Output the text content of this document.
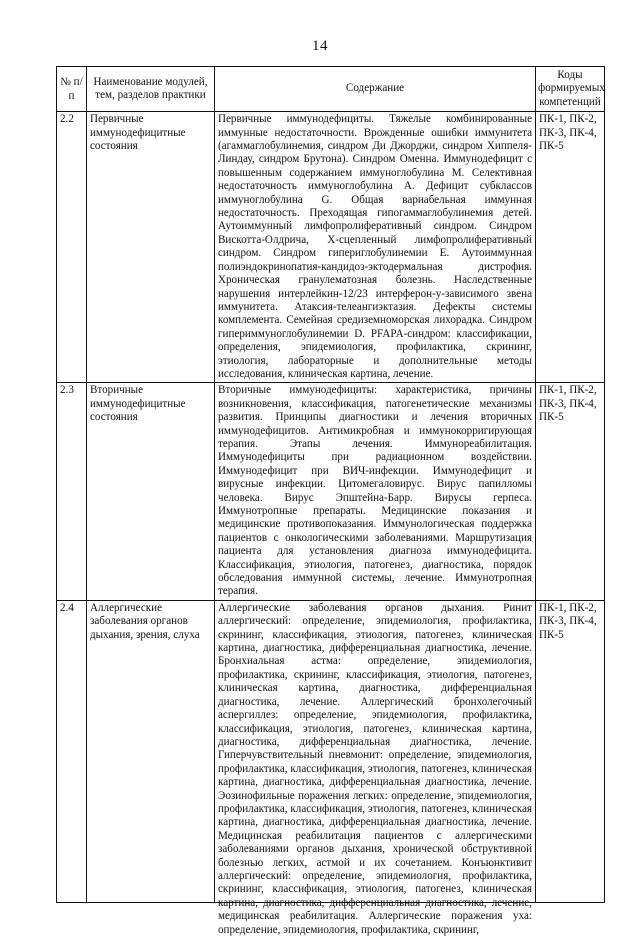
14
№ п/п	Наименование модулей, тем, разделов практики	Содержание	Коды формируемых компетенций
2.2	Первичные иммунодефицитные состояния	Первичные иммунодефициты. Тяжелые комбинированные иммунные недостаточности. Врожденные ошибки иммунитета (агаммаглобулинемия, синдром Ди Джорджи, синдром Хиппеля-Линдау, синдром Брутона). Синдром Оменна. Иммунодефицит с повышенным содержанием иммуноглобулина М. Селективная недостаточность иммуноглобулина А. Дефицит субклассов иммуноглобулина G. Общая вариабельная иммунная недостаточность. Преходящая гипогаммаглобулинемия детей. Аутоиммунный лимфопролиферативный синдром. Синдром Вискотта-Олдрича, Х-сцепленный лимфопролиферативный синдром. Синдром гипериглобулинемии Е. Аутоиммунная полиэндокринопатия-кандидоз-эктодермальная дистрофия. Хроническая гранулематозная болезнь. Наследственные нарушения интерлейкин-12/23 интерферон-у-зависимого звена иммунитета. Атаксия-телеангиэктазия. Дефекты системы комплемента. Семейная средиземноморская лихорадка. Синдром гипериммуноглобулинемии D. PFAPA-синдром: классификации, определения, эпидемиология, профилактика, скрининг, этиология, лабораторные и дополнительные методы исследования, клиническая картина, лечение.	ПК-1, ПК-2, ПК-3, ПК-4, ПК-5
2.3	Вторичные иммунодефицитные состояния	Вторичные иммунодефициты: характеристика, причины возникновения, классификация, патогенетические механизмы развития. Принципы диагностики и лечения вторичных иммунодефицитов. Антимикробная и иммунокорригирующая терапия. Этапы лечения. Иммунореабилитация. Иммунодефициты при радиационном воздействии. Иммунодефицит при ВИЧ-инфекции. Иммунодефицит и вирусные инфекции. Цитомегаловирус. Вирус папилломы человека. Вирус Эпштейна-Барр. Вирусы герпеса. Иммунотропные препараты. Медицинские показания и медицинские противопоказания. Иммунологическая поддержка пациентов с онкологическими заболеваниями. Маршрутизация пациента для установления диагноза иммунодефицита. Классификация, этиология, патогенез, диагностика, порядок обследования иммунной системы, лечение. Иммунотропная терапия.	ПК-1, ПК-2, ПК-3, ПК-4, ПК-5
2.4	Аллергические заболевания органов дыхания, зрения, слуха	Аллергические заболевания органов дыхания. Ринит аллергический: определение, эпидемиология, профилактика, скрининг, классификация, этиология, патогенез, клиническая картина, диагностика, дифференциальная диагностика, лечение. Бронхиальная астма: определение, эпидемиология, профилактика, скрининг, классификация, этиология, патогенез, клиническая картина, диагностика, дифференциальная диагностика, лечение. Аллергический бронхолегочный аспергиллез: определение, эпидемиология, профилактика, классификация, этиология, патогенез, клиническая картина, диагностика, дифференциальная диагностика, лечение. Гиперчувствительный пневмонит: определение, эпидемиология, профилактика, классификация, этиология, патогенез, клиническая картина, диагностика, дифференциальная диагностика, лечение. Эозинофильные поражения легких: определение, эпидемиология, профилактика, классификация, этиология, патогенез, клиническая картина, диагностика, дифференциальная диагностика, лечение. Медицинская реабилитация пациентов с аллергическими заболеваниями органов дыхания, хронической обструктивной болезнью легких, астмой и их сочетанием. Конъюнктивит аллергический: определение, эпидемиология, профилактика, скрининг, классификация, этиология, патогенез, клиническая картина, диагностика, дифференциальная диагностика, лечение, медицинская реабилитация. Аллергические поражения уха: определение, эпидемиология, профилактика, скрининг,	ПК-1, ПК-2, ПК-3, ПК-4, ПК-5
